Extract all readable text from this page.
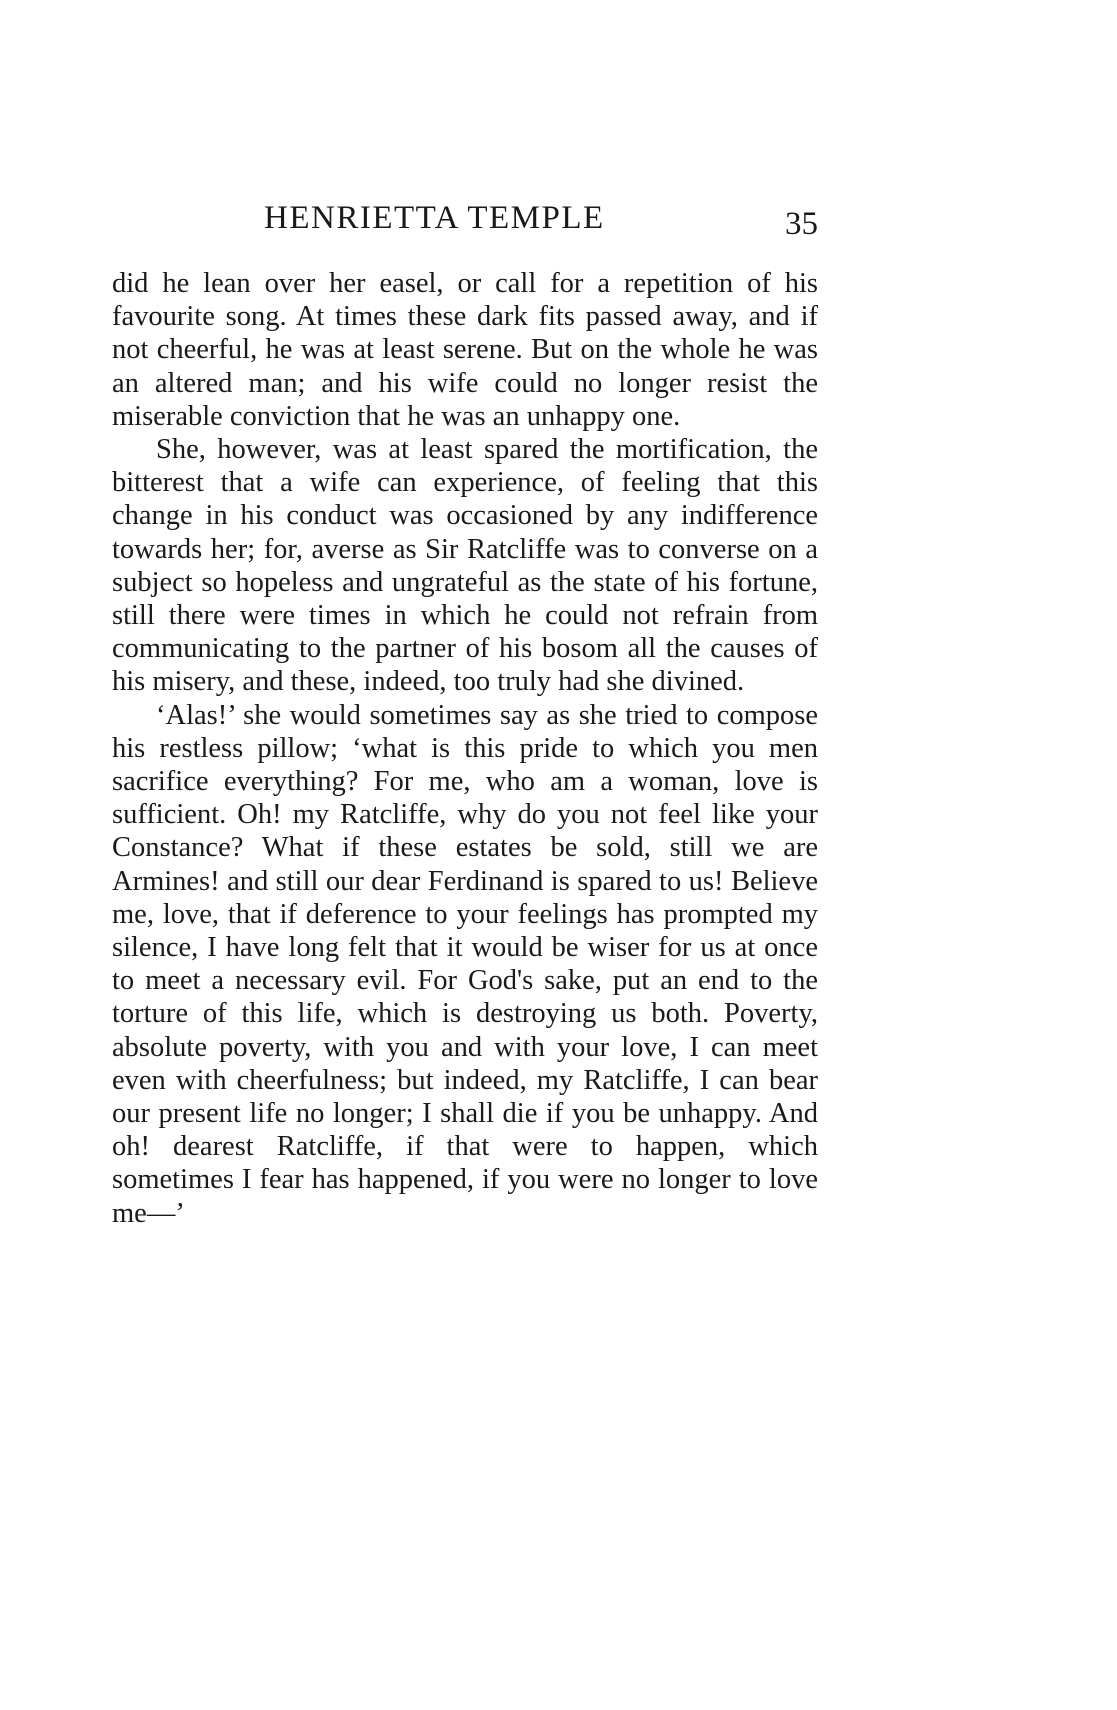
HENRIETTA TEMPLE	35

did he lean over her easel, or call for a repetition of his favourite song. At times these dark fits passed away, and if not cheerful, he was at least serene. But on the whole he was an altered man; and his wife could no longer resist the miserable conviction that he was an unhappy one.

She, however, was at least spared the mortification, the bitterest that a wife can experience, of feeling that this change in his conduct was occasioned by any indifference towards her; for, averse as Sir Ratcliffe was to converse on a subject so hopeless and ungrateful as the state of his fortune, still there were times in which he could not refrain from communicating to the partner of his bosom all the causes of his misery, and these, indeed, too truly had she divined.

‘Alas!’ she would sometimes say as she tried to compose his restless pillow; ‘what is this pride to which you men sacrifice everything? For me, who am a woman, love is sufficient. Oh! my Ratcliffe, why do you not feel like your Constance? What if these estates be sold, still we are Armines! and still our dear Ferdinand is spared to us! Believe me, love, that if deference to your feelings has prompted my silence, I have long felt that it would be wiser for us at once to meet a necessary evil. For God's sake, put an end to the torture of this life, which is destroying us both. Poverty, absolute poverty, with you and with your love, I can meet even with cheerfulness; but indeed, my Ratcliffe, I can bear our present life no longer; I shall die if you be unhappy. And oh! dearest Ratcliffe, if that were to happen, which sometimes I fear has happened, if you were no longer to love me—’
